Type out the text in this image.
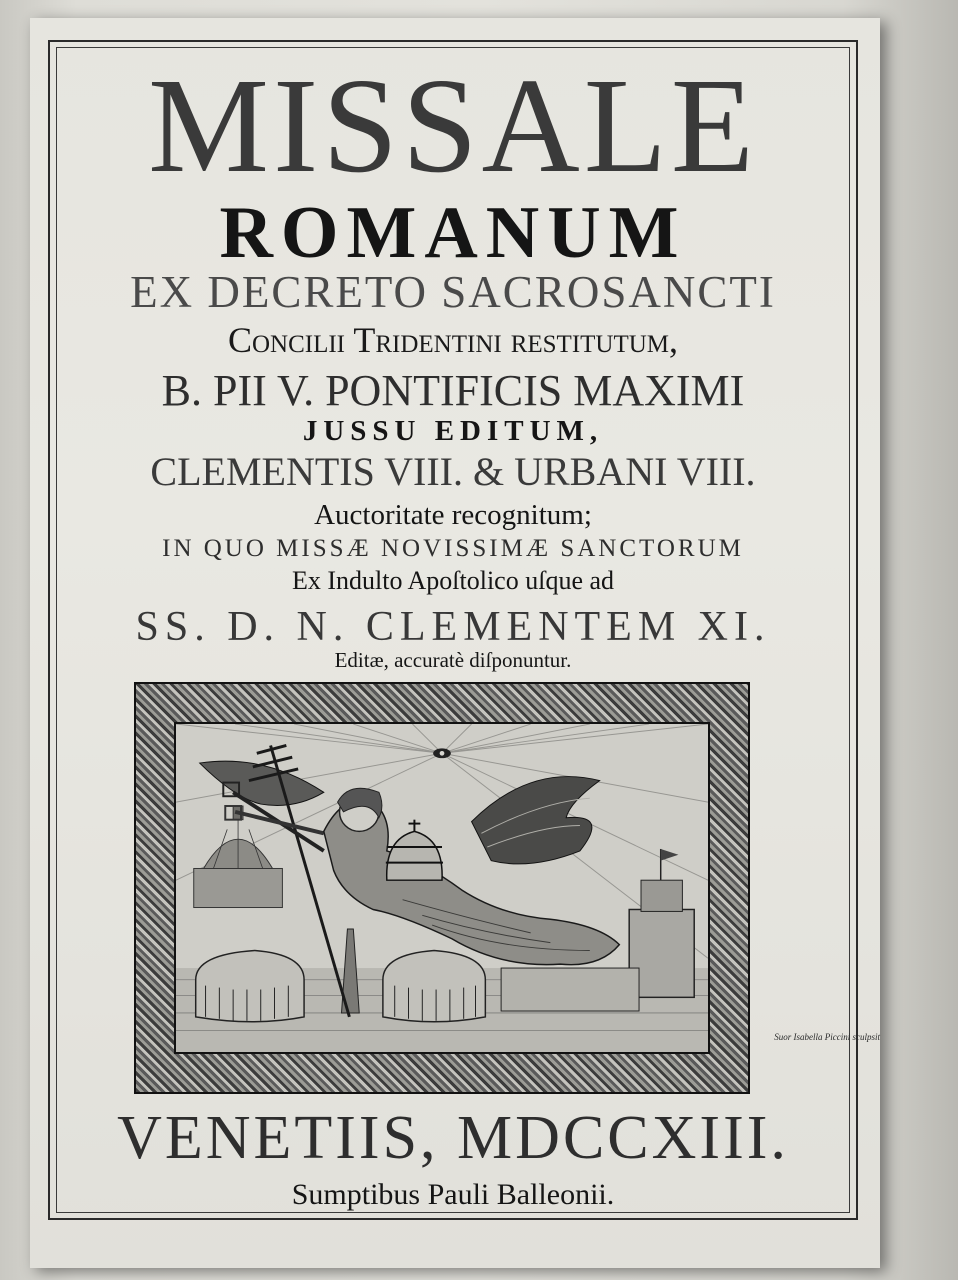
MISSALE
ROMANUM
EX DECRETO SACROSANCTI
Concilii Tridentini reſtitutum,
B. PII V. PONTIFICIS MAXIMI
JUSSU EDITUM,
CLEMENTIS VIII. & URBANI VIII.
Auctoritate recognitum;
IN QUO MISSÆ NOVISSIMÆ SANCTORUM
Ex Indulto Apoſtolico uſque ad
SS. D. N. CLEMENTEM XI.
Editæ, accuratè diſponuntur.
Suor Isabella Piccini sculpsit
VENETIIS, MDCCXIII.
Sumptibus Pauli Balleonii.
